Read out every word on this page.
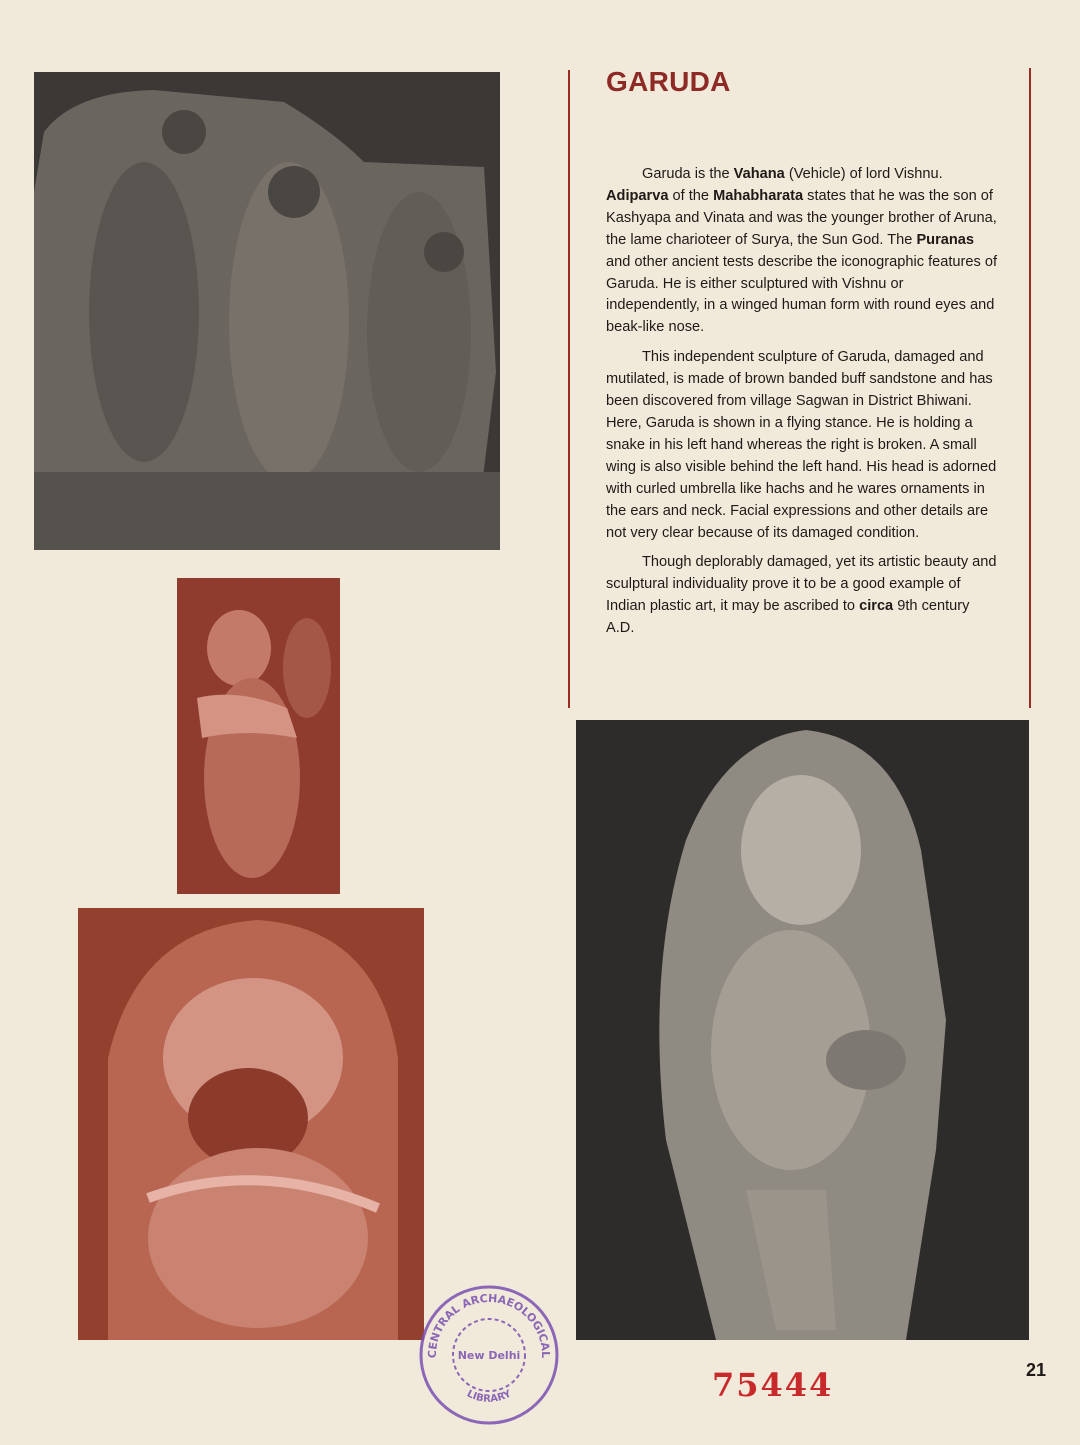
GARUDA

Garuda is the Vahana (Vehicle) of lord Vishnu. Adiparva of the Mahabharata states that he was the son of Kashyapa and Vinata and was the younger brother of Aruna, the lame charioteer of Surya, the Sun God. The Puranas and other ancient tests describe the iconographic features of Garuda. He is either sculptured with Vishnu or independently, in a winged human form with round eyes and beak-like nose.

This independent sculpture of Garuda, damaged and mutilated, is made of brown banded buff sandstone and has been discovered from village Sagwan in District Bhiwani. Here, Garuda is shown in a flying stance. He is holding a snake in his left hand whereas the right is broken. A small wing is also visible behind the left hand. His head is adorned with curled umbrella like hachs and he wares ornaments in the ears and neck. Facial expressions and other details are not very clear because of its damaged condition.

Though deplorably damaged, yet its artistic beauty and sculptural individuality prove it to be a good example of Indian plastic art, it may be ascribed to circa 9th century A.D.

CENTRAL ARCHAEOLOGICAL
New Delhi
LIBRARY	75444	21
